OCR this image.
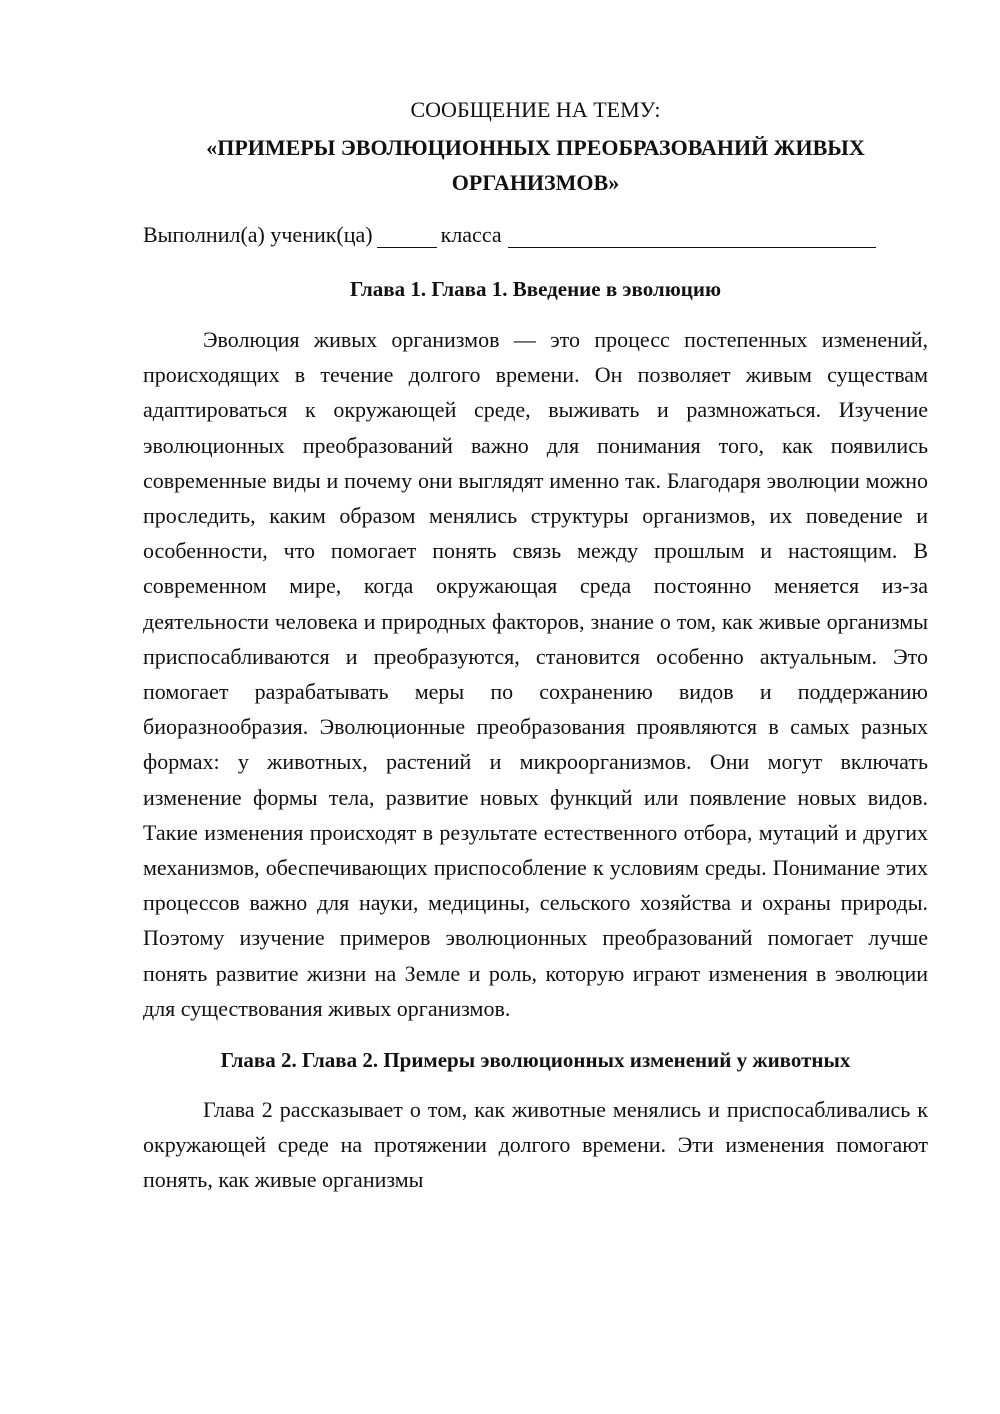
СООБЩЕНИЕ НА ТЕМУ:

«ПРИМЕРЫ ЭВОЛЮЦИОННЫХ ПРЕОБРАЗОВАНИЙ ЖИВЫХ ОРГАНИЗМОВ»

Выполнил(а) ученик(ца)	класса

Глава 1. Глава 1. Введение в эволюцию

Эволюция живых организмов — это процесс постепенных изменений, происходящих в течение долгого времени. Он позволяет живым существам адаптироваться к окружающей среде, выживать и размножаться. Изучение эволюционных преобразований важно для понимания того, как появились современные виды и почему они выглядят именно так. Благодаря эволюции можно проследить, каким образом менялись структуры организмов, их поведение и особенности, что помогает понять связь между прошлым и настоящим. В современном мире, когда окружающая среда постоянно меняется из-за деятельности человека и природных факторов, знание о том, как живые организмы приспосабливаются и преобразуются, становится особенно актуальным. Это помогает разрабатывать меры по сохранению видов и поддержанию биоразнообразия. Эволюционные преобразования проявляются в самых разных формах: у животных, растений и микроорганизмов. Они могут включать изменение формы тела, развитие новых функций или появление новых видов. Такие изменения происходят в результате естественного отбора, мутаций и других механизмов, обеспечивающих приспособление к условиям среды. Понимание этих процессов важно для науки, медицины, сельского хозяйства и охраны природы. Поэтому изучение примеров эволюционных преобразований помогает лучше понять развитие жизни на Земле и роль, которую играют изменения в эволюции для существования живых организмов.

Глава 2. Глава 2. Примеры эволюционных изменений у животных

Глава 2 рассказывает о том, как животные менялись и приспосабливались к окружающей среде на протяжении долгого времени. Эти изменения помогают понять, как живые организмы
